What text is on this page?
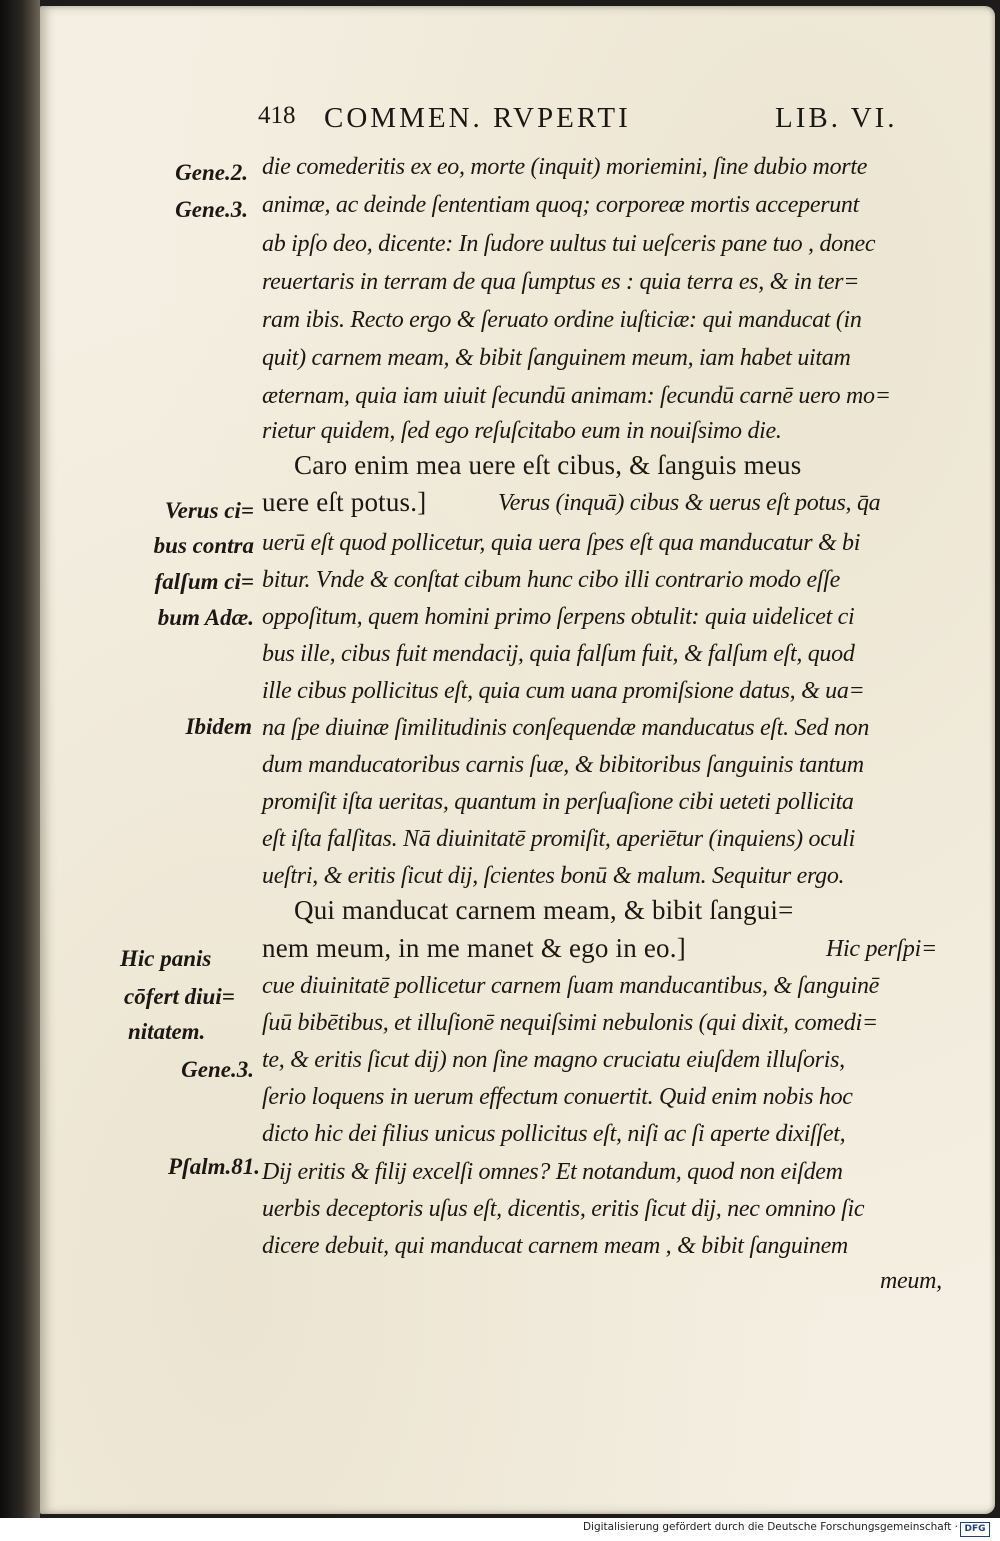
418 COMMEN. RVPERTI	LIB. VI.
Gene.2.
Gene.3.
Verus ci=
bus contra
falſum ci=
bum Adæ.
Ibidem
Hic panis
cōfert diui=
nitatem.
Gene.3.
Pſalm.81.
die comederitis ex eo, morte (inquit) moriemini, ſine dubio morte
animæ, ac deinde ſententiam quoq; corporeæ mortis acceperunt
ab ipſo deo, dicente: In ſudore uultus tui ueſceris pane tuo , donec
reuertaris in terram de qua ſumptus es : quia terra es, & in ter=
ram ibis. Recto ergo & ſeruato ordine iuſticiæ: qui manducat (in
quit) carnem meam, & bibit ſanguinem meum, iam habet uitam
æternam, quia iam uiuit ſecundū animam: ſecundū carnē uero mo=
rietur quidem, ſed ego reſuſcitabo eum in nouiſsimo die.
Caro enim mea uere eſt cibus, & ſanguis meus
uere eſt potus.]	Verus (inquā) cibus & uerus eſt potus, q̄a
uerū eſt quod pollicetur, quia uera ſpes eſt qua manducatur & bi
bitur. Vnde & conſtat cibum hunc cibo illi contrario modo eſſe
oppoſitum, quem homini primo ſerpens obtulit: quia uidelicet ci
bus ille, cibus fuit mendacij, quia falſum fuit, & falſum eſt, quod
ille cibus pollicitus eſt, quia cum uana promiſsione datus, & ua=
na ſpe diuinæ ſimilitudinis conſequendæ manducatus eſt. Sed non
dum manducatoribus carnis ſuæ, & bibitoribus ſanguinis tantum
promiſit iſta ueritas, quantum in perſuaſione cibi ueteti pollicita
eſt iſta falſitas. Nā diuinitatē promiſit, aperiētur (inquiens) oculi
ueſtri, & eritis ſicut dij, ſcientes bonū & malum. Sequitur ergo.
Qui manducat carnem meam, & bibit ſangui=
nem meum, in me manet & ego in eo.]	Hic perſpi=
cue diuinitatē pollicetur carnem ſuam manducantibus, & ſanguinē
ſuū bibētibus, et illuſionē nequiſsimi nebulonis (qui dixit, comedi=
te, & eritis ſicut dij) non ſine magno cruciatu eiuſdem illuſoris,
ſerio loquens in uerum effectum conuertit. Quid enim nobis hoc
dicto hic dei filius unicus pollicitus eſt, niſi ac ſi aperte dixiſſet,
Dij eritis & filij excelſi omnes? Et notandum, quod non eiſdem
uerbis deceptoris uſus eſt, dicentis, eritis ſicut dij, nec omnino ſic
dicere debuit, qui manducat carnem meam , & bibit ſanguinem
meum,
Digitalisierung gefördert durch die Deutsche Forschungsgemeinschaft · DFG
